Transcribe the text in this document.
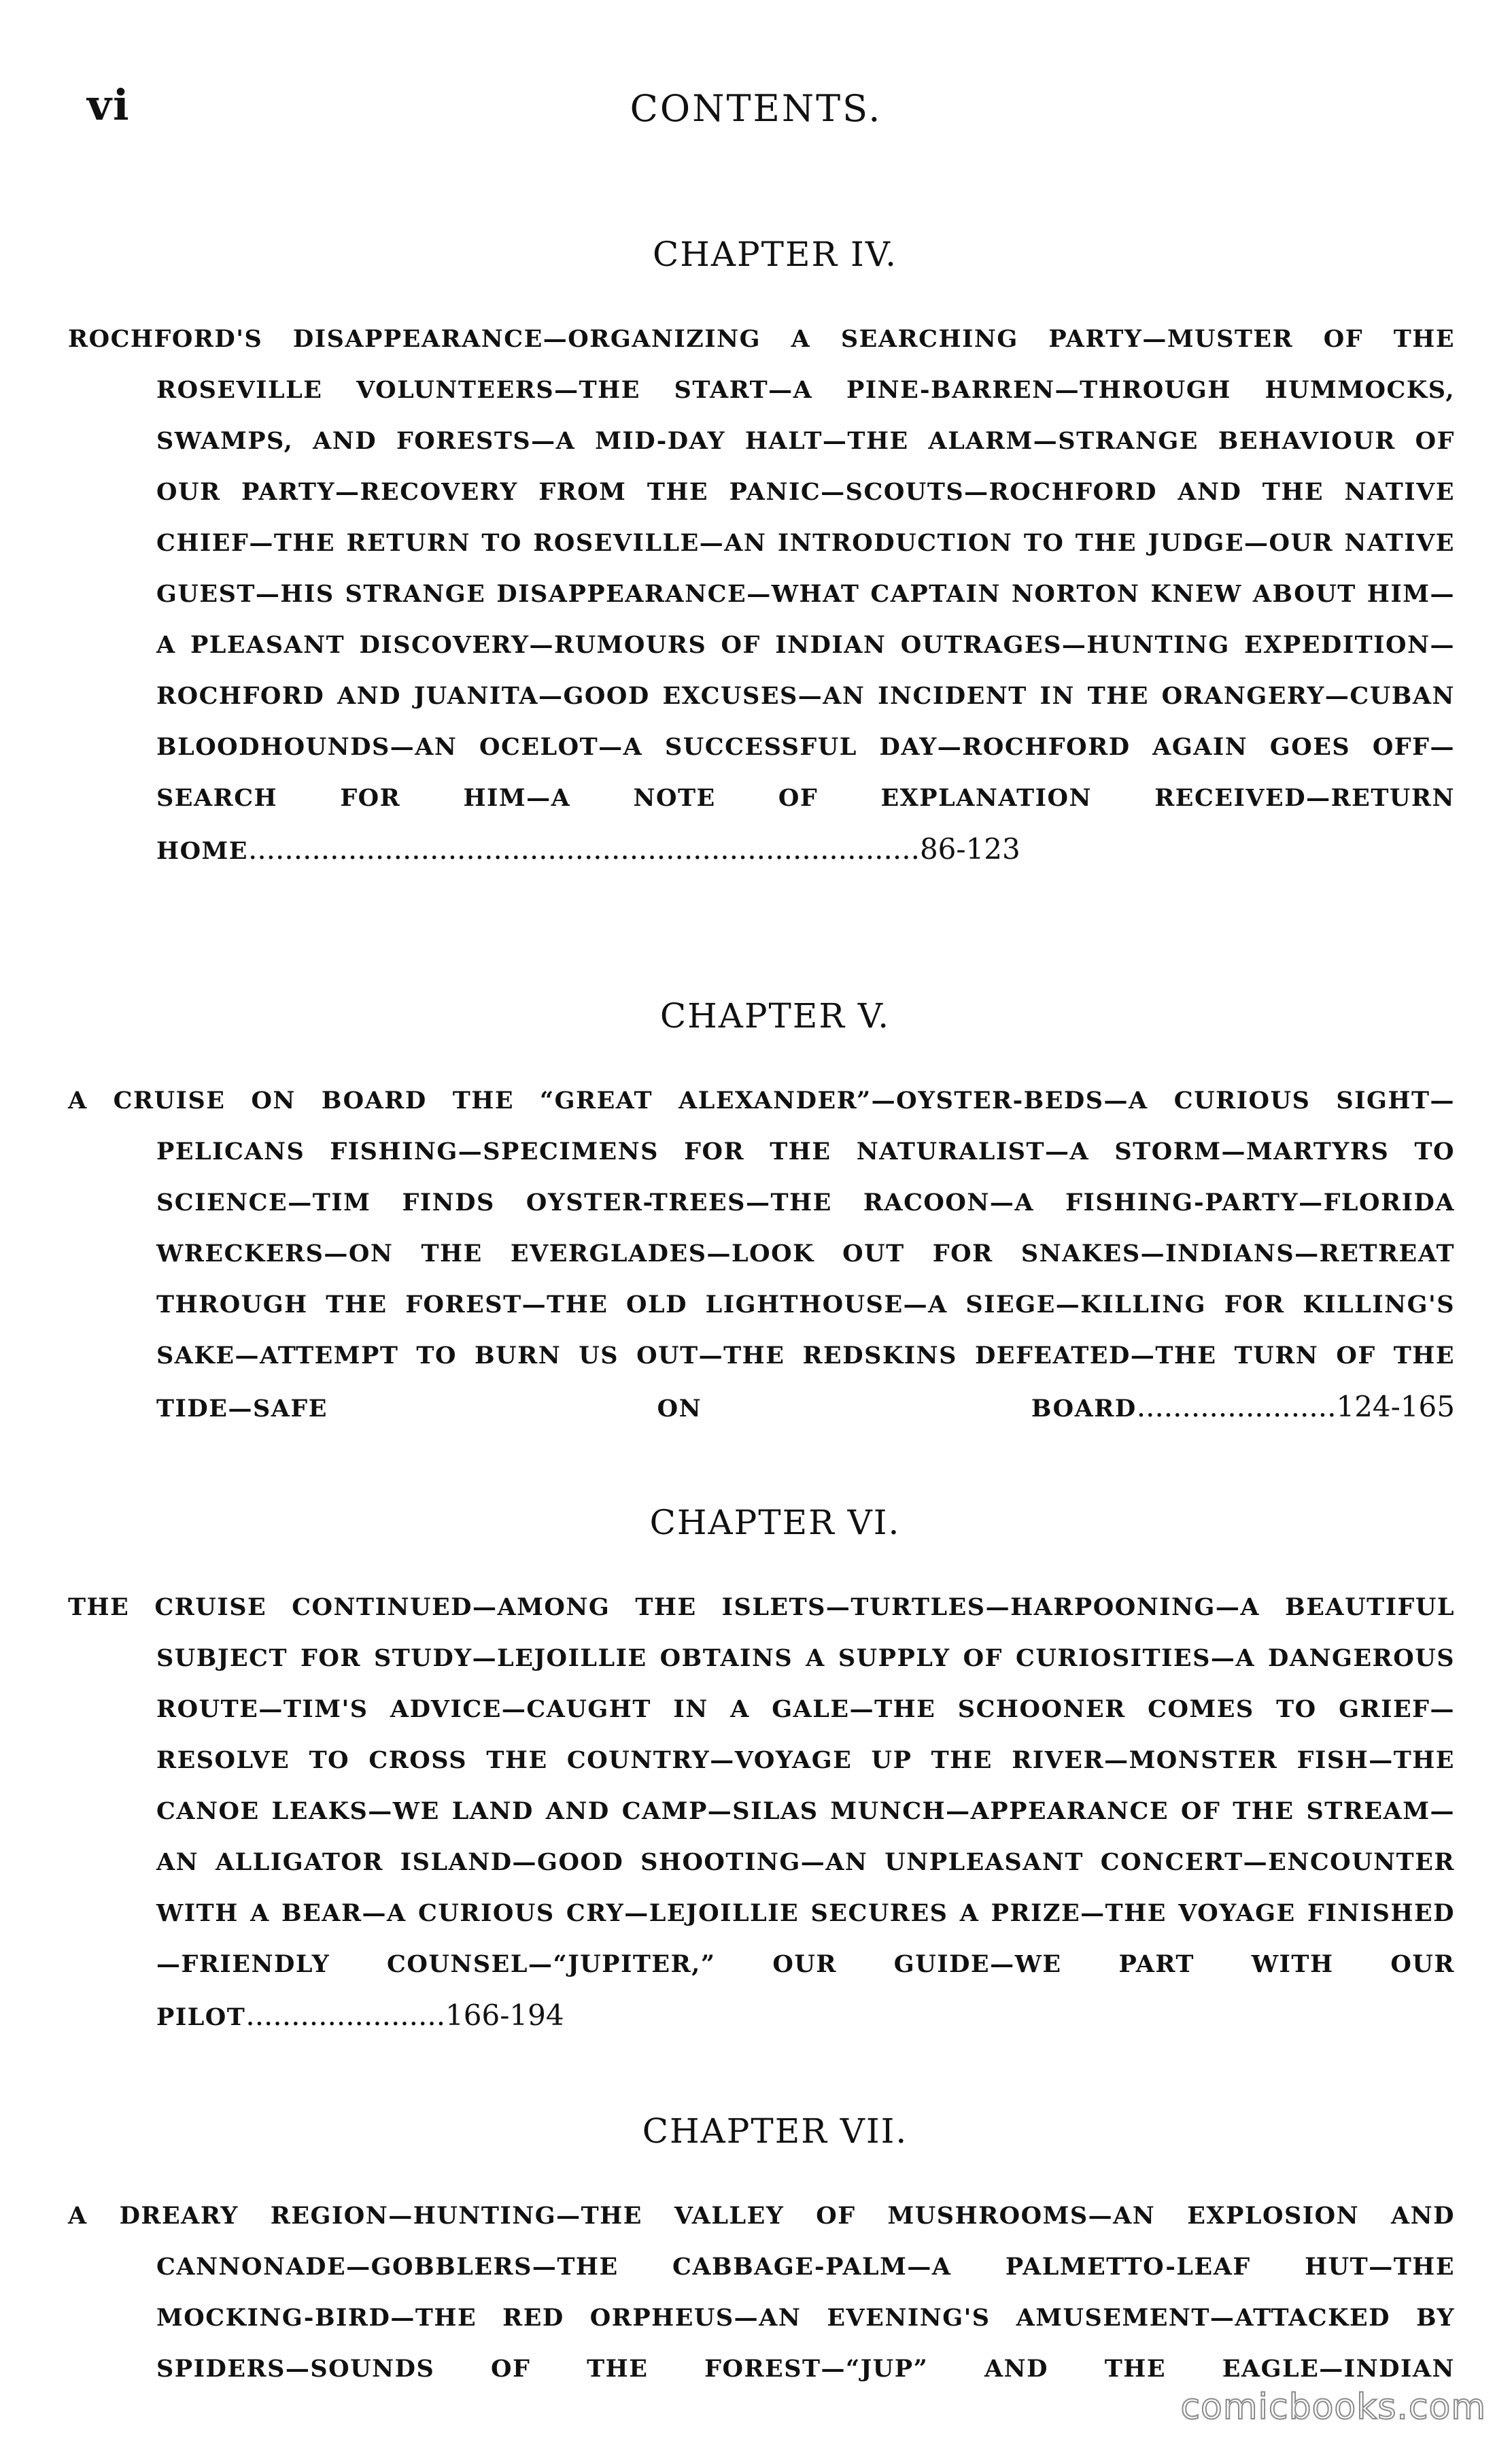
vi	CONTENTS.
CHAPTER IV.

ROCHFORD'S DISAPPEARANCE—ORGANIZING A SEARCHING PARTY—MUSTER OF THE ROSEVILLE VOLUNTEERS—THE START—A PINE-BARREN—THROUGH HUMMOCKS, SWAMPS, AND FORESTS—A MID-DAY HALT—THE ALARM—STRANGE BEHAVIOUR OF OUR PARTY—RECOVERY FROM THE PANIC—SCOUTS—ROCHFORD AND THE NATIVE CHIEF—THE RETURN TO ROSEVILLE—AN INTRODUCTION TO THE JUDGE—OUR NATIVE GUEST—HIS STRANGE DISAPPEARANCE—WHAT CAPTAIN NORTON KNEW ABOUT HIM—A PLEASANT DISCOVERY—RUMOURS OF INDIAN OUTRAGES—HUNTING EXPEDITION—ROCHFORD AND JUANITA—GOOD EXCUSES—AN INCIDENT IN THE ORANGERY—CUBAN BLOODHOUNDS—AN OCELOT—A SUCCESSFUL DAY—ROCHFORD AGAIN GOES OFF—SEARCH FOR HIM—A NOTE OF EXPLANATION RECEIVED—RETURN HOME..........................................................................86-123

CHAPTER V.

A CRUISE ON BOARD THE “GREAT ALEXANDER”—OYSTER-BEDS—A CURIOUS SIGHT—PELICANS FISHING—SPECIMENS FOR THE NATURALIST—A STORM—MARTYRS TO SCIENCE—TIM FINDS OYSTER-TREES—THE RACOON—A FISHING-PARTY—FLORIDA WRECKERS—ON THE EVERGLADES—LOOK OUT FOR SNAKES—INDIANS—RETREAT THROUGH THE FOREST—THE OLD LIGHTHOUSE—A SIEGE—KILLING FOR KILLING'S SAKE—ATTEMPT TO BURN US OUT—THE REDSKINS DEFEATED—THE TURN OF THE TIDE—SAFE ON BOARD......................124-165

CHAPTER VI.

THE CRUISE CONTINUED—AMONG THE ISLETS—TURTLES—HARPOONING—A BEAUTIFUL SUBJECT FOR STUDY—LEJOILLIE OBTAINS A SUPPLY OF CURIOSITIES—A DANGEROUS ROUTE—TIM'S ADVICE—CAUGHT IN A GALE—THE SCHOONER COMES TO GRIEF—RESOLVE TO CROSS THE COUNTRY—VOYAGE UP THE RIVER—MONSTER FISH—THE CANOE LEAKS—WE LAND AND CAMP—SILAS MUNCH—APPEARANCE OF THE STREAM—AN ALLIGATOR ISLAND—GOOD SHOOTING—AN UNPLEASANT CONCERT—ENCOUNTER WITH A BEAR—A CURIOUS CRY—LEJOILLIE SECURES A PRIZE—THE VOYAGE FINISHED—FRIENDLY COUNSEL—“JUPITER,” OUR GUIDE—WE PART WITH OUR PILOT......................166-194

CHAPTER VII.

A DREARY REGION—HUNTING—THE VALLEY OF MUSHROOMS—AN EXPLOSION AND CANNONADE—GOBBLERS—THE CABBAGE-PALM—A PALMETTO-LEAF HUT—THE MOCKING-BIRD—THE RED ORPHEUS—AN EVENING'S AMUSEMENT—ATTACKED BY SPIDERS—SOUNDS OF THE FOREST—“JUP” AND THE EAGLE—INDIAN

comicbooks.com
